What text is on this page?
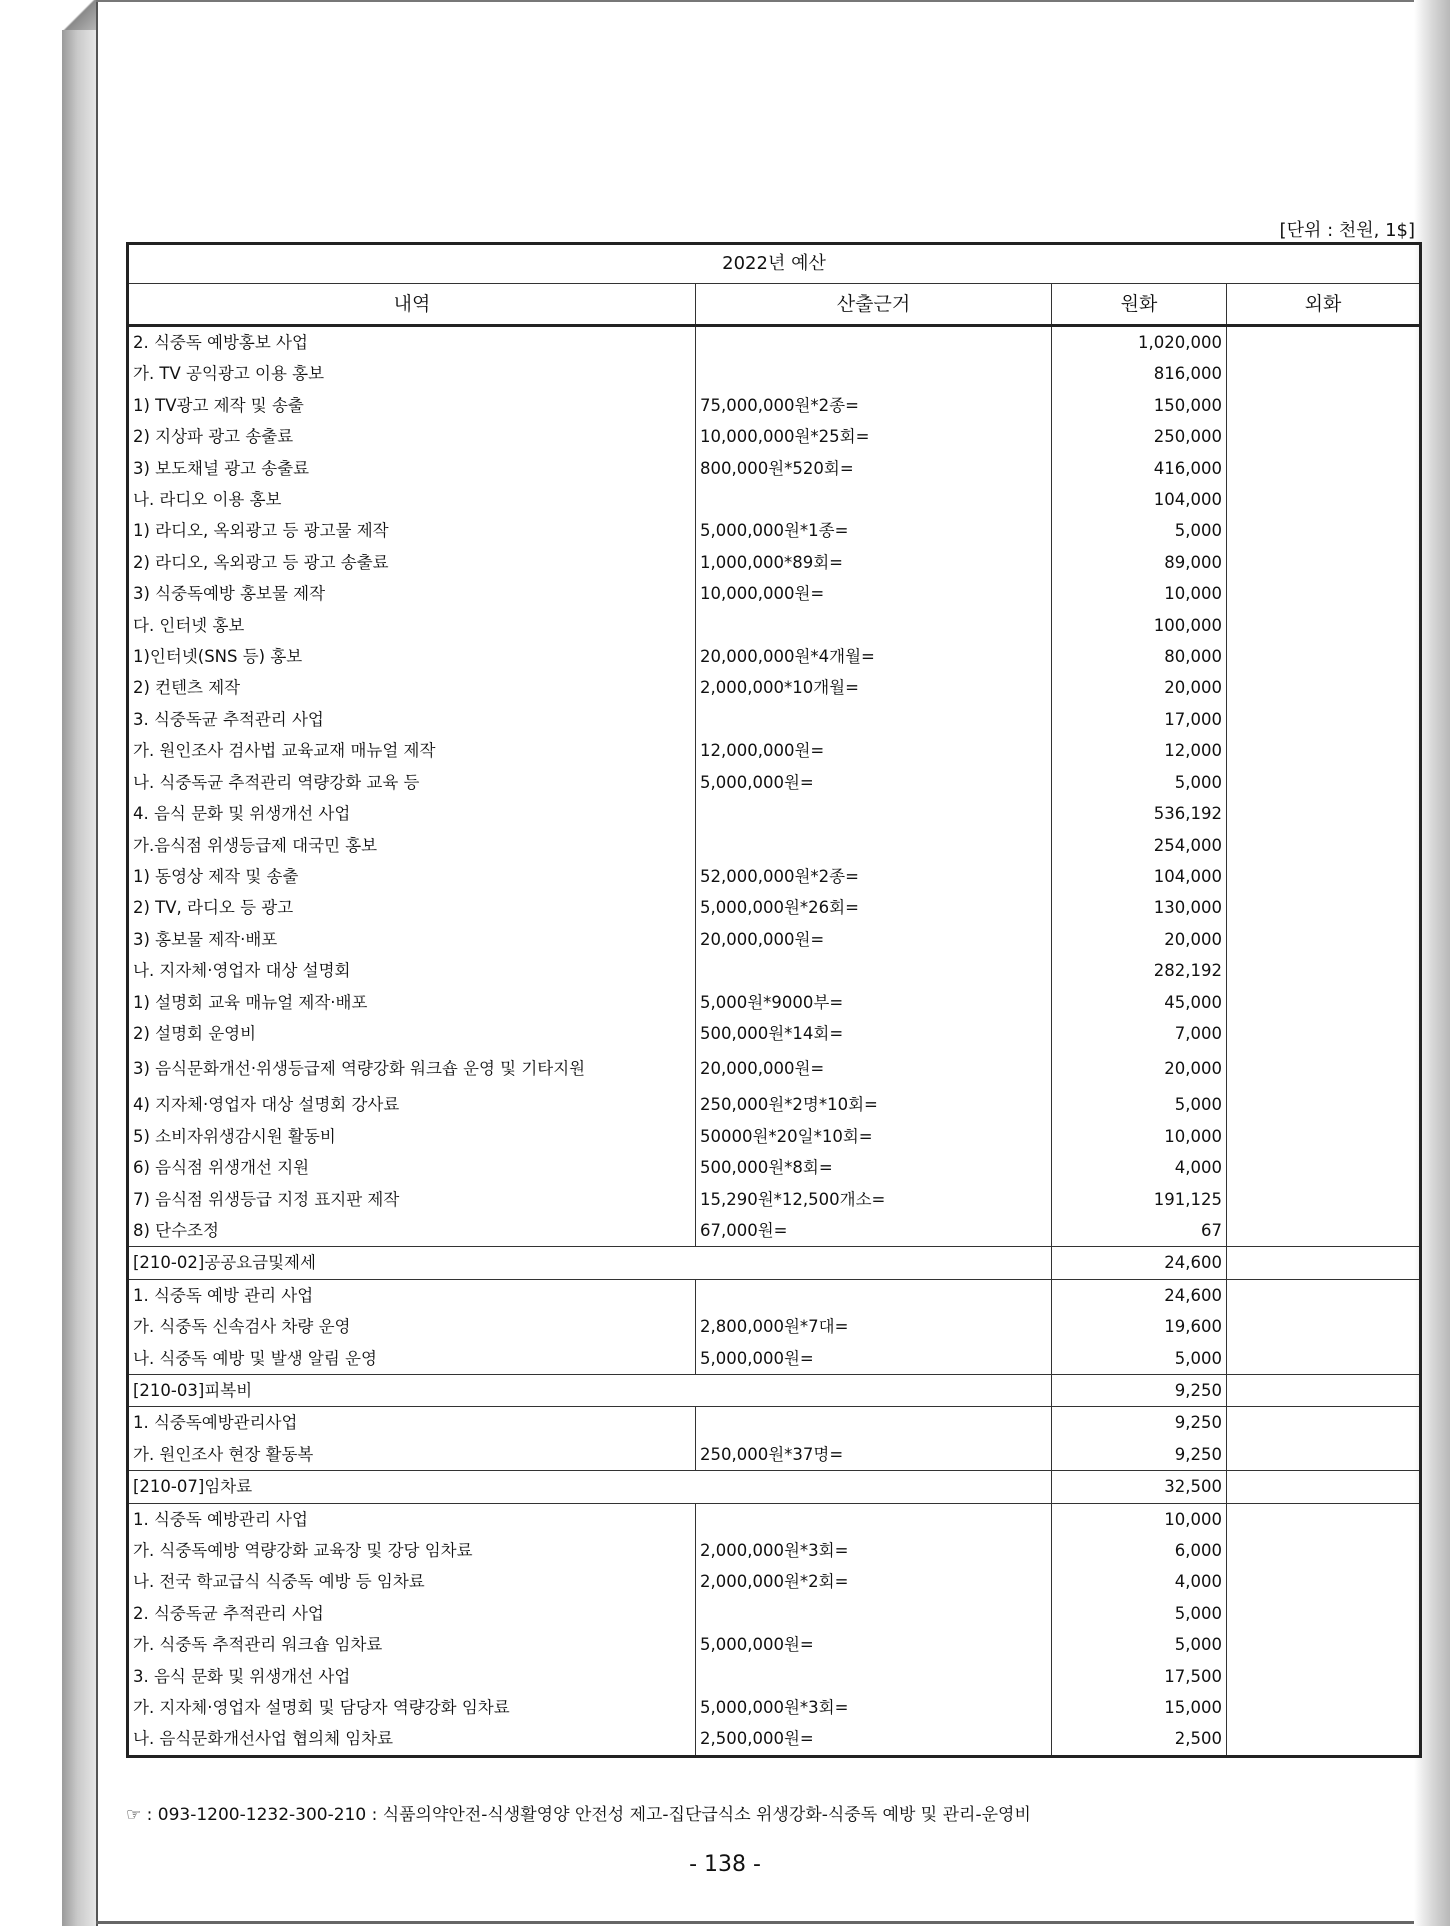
[단위 : 천원, 1$]
2022년 예산			
내역	산출근거	원화	외화
2. 식중독 예방홍보 사업		1,020,000	
가. TV 공익광고 이용 홍보		816,000	
1) TV광고 제작 및 송출	75,000,000원*2종=	150,000	
2) 지상파 광고 송출료	10,000,000원*25회=	250,000	
3) 보도채널 광고 송출료	800,000원*520회=	416,000	
나. 라디오 이용 홍보		104,000	
1) 라디오, 옥외광고 등 광고물 제작	5,000,000원*1종=	5,000	
2) 라디오, 옥외광고 등 광고 송출료	1,000,000*89회=	89,000	
3) 식중독예방 홍보물 제작	10,000,000원=	10,000	
다. 인터넷 홍보		100,000	
1)인터넷(SNS 등) 홍보	20,000,000원*4개월=	80,000	
2) 컨텐츠 제작	2,000,000*10개월=	20,000	
3. 식중독균 추적관리 사업		17,000	
가. 원인조사 검사법 교육교재 매뉴얼 제작	12,000,000원=	12,000	
나. 식중독균 추적관리 역량강화 교육 등	5,000,000원=	5,000	
4. 음식 문화 및 위생개선 사업		536,192	
가.음식점 위생등급제 대국민 홍보		254,000	
1) 동영상 제작 및 송출	52,000,000원*2종=	104,000	
2) TV, 라디오 등 광고	5,000,000원*26회=	130,000	
3) 홍보물 제작·배포	20,000,000원=	20,000	
나. 지자체·영업자 대상 설명회		282,192	
1) 설명회 교육 매뉴얼 제작·배포	5,000원*9000부=	45,000	
2) 설명회 운영비	500,000원*14회=	7,000	
3) 음식문화개선·위생등급제 역량강화 워크숍 운영 및 기타지원	20,000,000원=	20,000	
4) 지자체·영업자 대상 설명회 강사료	250,000원*2명*10회=	5,000	
5) 소비자위생감시원 활동비	50000원*20일*10회=	10,000	
6) 음식점 위생개선 지원	500,000원*8회=	4,000	
7) 음식점 위생등급 지정 표지판 제작	15,290원*12,500개소=	191,125	
8) 단수조정	67,000원=	67	
[210-02]공공요금및제세		24,600	
1. 식중독 예방 관리 사업		24,600	
가. 식중독 신속검사 차량 운영	2,800,000원*7대=	19,600	
나. 식중독 예방 및 발생 알림 운영	5,000,000원=	5,000	
[210-03]피복비		9,250	
1. 식중독예방관리사업		9,250	
가. 원인조사 현장 활동복	250,000원*37명=	9,250	
[210-07]임차료		32,500	
1. 식중독 예방관리 사업		10,000	
가. 식중독예방 역량강화 교육장 및 강당 임차료	2,000,000원*3회=	6,000	
나. 전국 학교급식 식중독 예방 등 임차료	2,000,000원*2회=	4,000	
2. 식중독균 추적관리 사업		5,000	
가. 식중독 추적관리 워크숍 임차료	5,000,000원=	5,000	
3. 음식 문화 및 위생개선 사업		17,500	
가. 지자체·영업자 설명회 및 담당자 역량강화 임차료	5,000,000원*3회=	15,000	
나. 음식문화개선사업 협의체 임차료	2,500,000원=	2,500	
☞ : 093-1200-1232-300-210 : 식품의약안전-식생활영양 안전성 제고-집단급식소 위생강화-식중독 예방 및 관리-운영비
- 138 -
